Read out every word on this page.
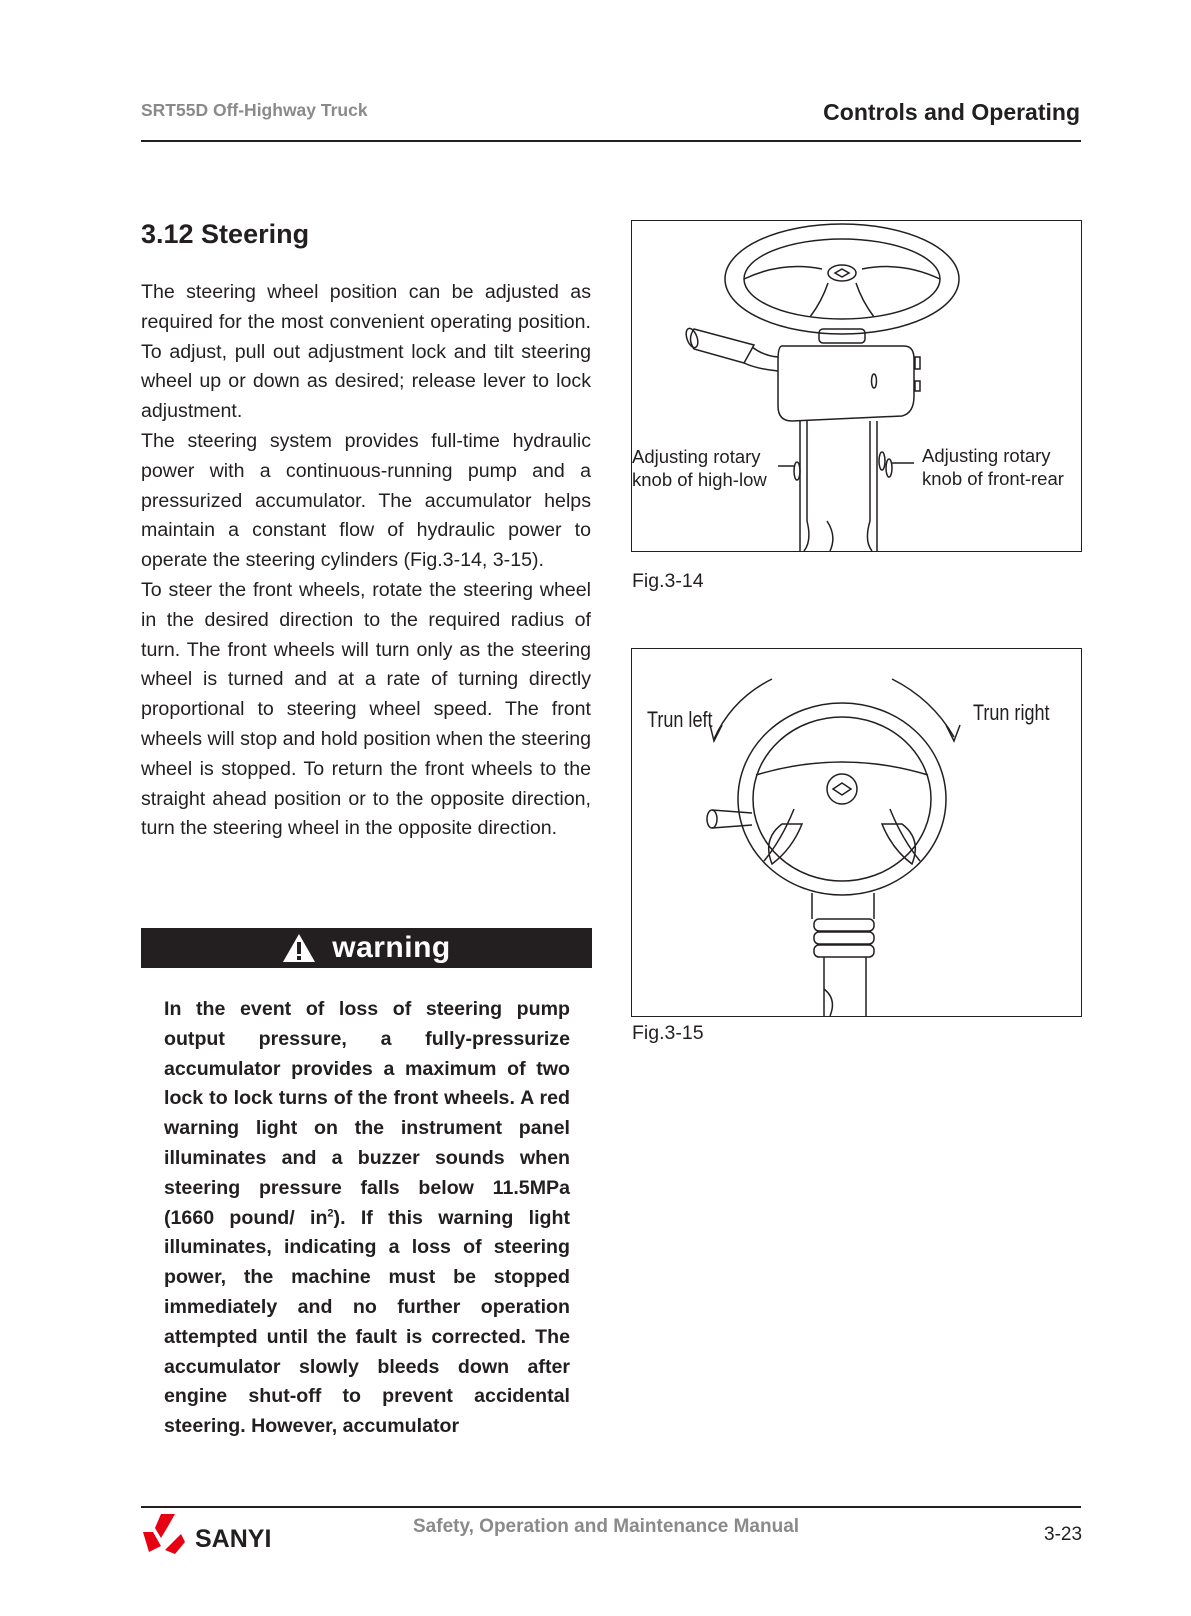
SRT55D Off-Highway Truck	Controls and Operating
3.12 Steering

The steering wheel position can be adjusted as required for the most convenient operating position. To adjust, pull out adjustment lock and tilt steering wheel up or down as desired; release lever to lock adjustment.

The steering system provides full-time hydraulic power with a continuous-running pump and a pressurized accumulator. The accumulator helps maintain a constant flow of hydraulic power to operate the steering cylinders (Fig.3-14, 3-15).

To steer the front wheels, rotate the steering wheel in the desired direction to the required radius of turn. The front wheels will turn only as the steering wheel is turned and at a rate of turning directly proportional to steering wheel speed. The front wheels will stop and hold position when the steering wheel is stopped. To return the front wheels to the straight ahead position or to the opposite direction, turn the steering wheel in the opposite direction.

warning

In the event of loss of steering pump output pressure, a fully-pressurize accumulator provides a maximum of two lock to lock turns of the front wheels. A red warning light on the instrument panel illuminates and a buzzer sounds when steering pressure falls below 11.5MPa (1660 pound/ $in^2$). If this warning light illuminates, indicating a loss of steering power, the machine must be stopped immediately and no further operation attempted until the fault is corrected. The accumulator slowly bleeds down after engine shut-off to prevent accidental steering. However, accumulator

Adjusting rotary
knob of high-low
Adjusting rotary
knob of front-rear
Fig.3-14
Trun left	Trun right
Fig.3-15
SANYI	Safety, Operation and Maintenance Manual	3-23
